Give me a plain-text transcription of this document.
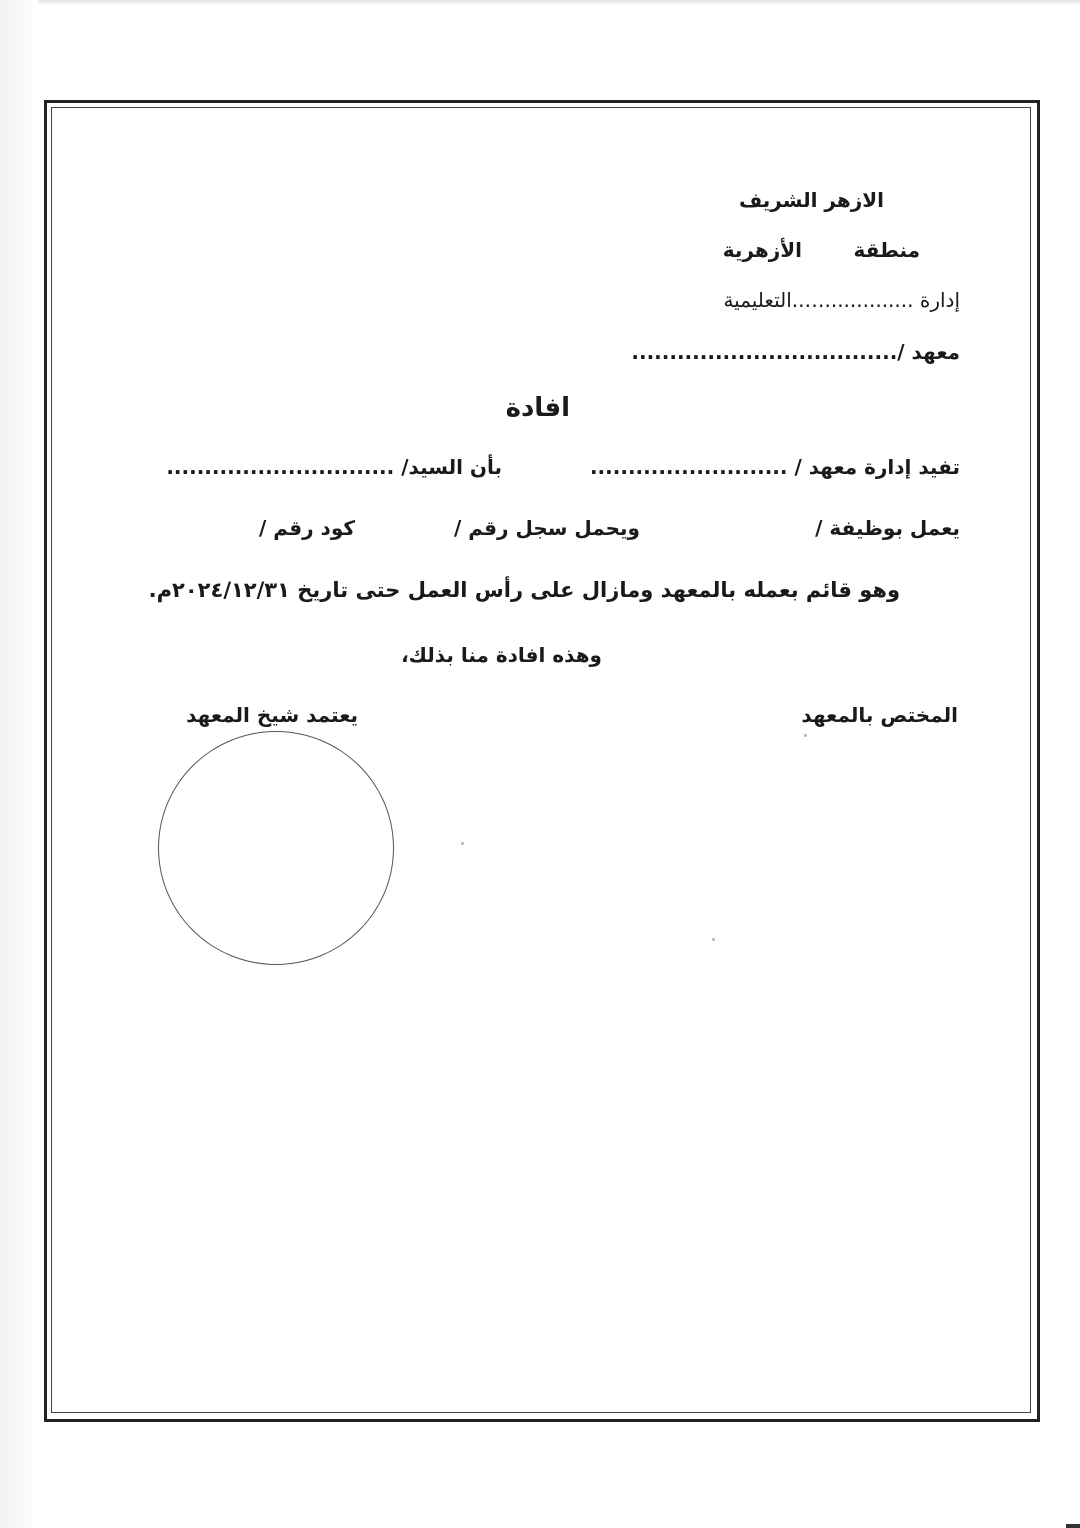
الازهر الشريف
منطقة
الأزهرية
إدارة ..............…..التعليمية
معهد /...................................
افادة
تفيد إدارة معهد / ..........................
بأن السيد/ ..............................
يعمل بوظيفة /
ويحمل سجل رقم /
كود رقم /
وهو قائم بعمله بالمعهد ومازال على رأس العمل حتى تاريخ ٢٠٢٤/١٢/٣١م.
وهذه افادة منا بذلك،
المختص بالمعهد
يعتمد شيخ المعهد
